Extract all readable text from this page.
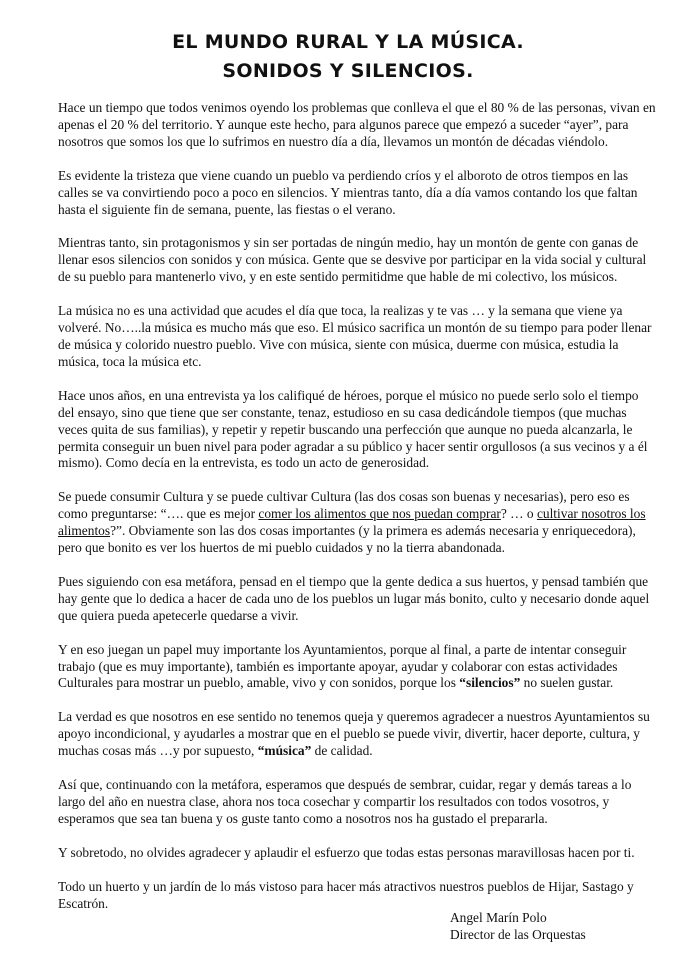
EL MUNDO RURAL Y LA MÚSICA.
SONIDOS Y SILENCIOS.

Hace un tiempo que todos venimos oyendo los problemas que conlleva el que el 80 % de las personas, vivan en apenas el 20 % del territorio. Y aunque este hecho, para algunos parece que empezó a suceder “ayer”, para nosotros que somos los que lo sufrimos en nuestro día a día, llevamos un montón de décadas viéndolo.

Es evidente la tristeza que viene cuando un pueblo va perdiendo críos y el alboroto de otros tiempos en las calles se va convirtiendo poco a poco en silencios. Y mientras tanto, día a día vamos contando los que faltan hasta el siguiente fin de semana, puente, las fiestas o el verano.

Mientras tanto, sin protagonismos y sin ser portadas de ningún medio, hay un montón de gente con ganas de llenar esos silencios con sonidos y con música. Gente que se desvive por participar en la vida social y cultural de su pueblo para mantenerlo vivo, y en este sentido permitidme que hable de mi colectivo, los músicos.

La música no es una actividad que acudes el día que toca, la realizas y te vas … y la semana que viene ya volveré. No…..la música es mucho más que eso. El músico sacrifica un montón de su tiempo para poder llenar de música y colorido nuestro pueblo. Vive con música, siente con música, duerme con música, estudia la música, toca la música etc.

Hace unos años, en una entrevista ya los califiqué de héroes, porque el músico no puede serlo solo el tiempo del ensayo, sino que tiene que ser constante, tenaz, estudioso en su casa dedicándole tiempos (que muchas veces quita de sus familias), y repetir y repetir buscando una perfección que aunque no pueda alcanzarla, le permita conseguir un buen nivel para poder agradar a su público y hacer sentir orgullosos (a sus vecinos y a él mismo). Como decía en la entrevista, es todo un acto de generosidad.

Se puede consumir Cultura y se puede cultivar Cultura (las dos cosas son buenas y necesarias), pero eso es como preguntarse: “…. que es mejor comer los alimentos que nos puedan comprar? … o cultivar nosotros los alimentos?”. Obviamente son las dos cosas importantes (y la primera es además necesaria y enriquecedora), pero que bonito es ver los huertos de mi pueblo cuidados y no la tierra abandonada.

Pues siguiendo con esa metáfora, pensad en el tiempo que la gente dedica a sus huertos, y pensad también que hay gente que lo dedica a hacer de cada uno de los pueblos un lugar más bonito, culto y necesario donde aquel que quiera pueda apetecerle quedarse a vivir.

Y en eso juegan un papel muy importante los Ayuntamientos, porque al final, a parte de intentar conseguir trabajo (que es muy importante), también es importante apoyar, ayudar y colaborar con estas actividades Culturales para mostrar un pueblo, amable, vivo y con sonidos, porque los “silencios” no suelen gustar.

La verdad es que nosotros en ese sentido no tenemos queja y queremos agradecer a nuestros Ayuntamientos su apoyo incondicional, y ayudarles a mostrar que en el pueblo se puede vivir, divertir, hacer deporte, cultura, y muchas cosas más …y por supuesto, “música” de calidad.

Así que, continuando con la metáfora, esperamos que después de sembrar, cuidar, regar y demás tareas a lo largo del año en nuestra clase, ahora nos toca cosechar y compartir los resultados con todos vosotros, y esperamos que sea tan buena y os guste tanto como a nosotros nos ha gustado el prepararla.

Y sobretodo, no olvides agradecer y aplaudir el esfuerzo que todas estas personas maravillosas hacen por ti.

Todo un huerto y un jardín de lo más vistoso para hacer más atractivos nuestros pueblos de Hijar, Sastago y Escatrón.

Angel Marín Polo
Director de las Orquestas
